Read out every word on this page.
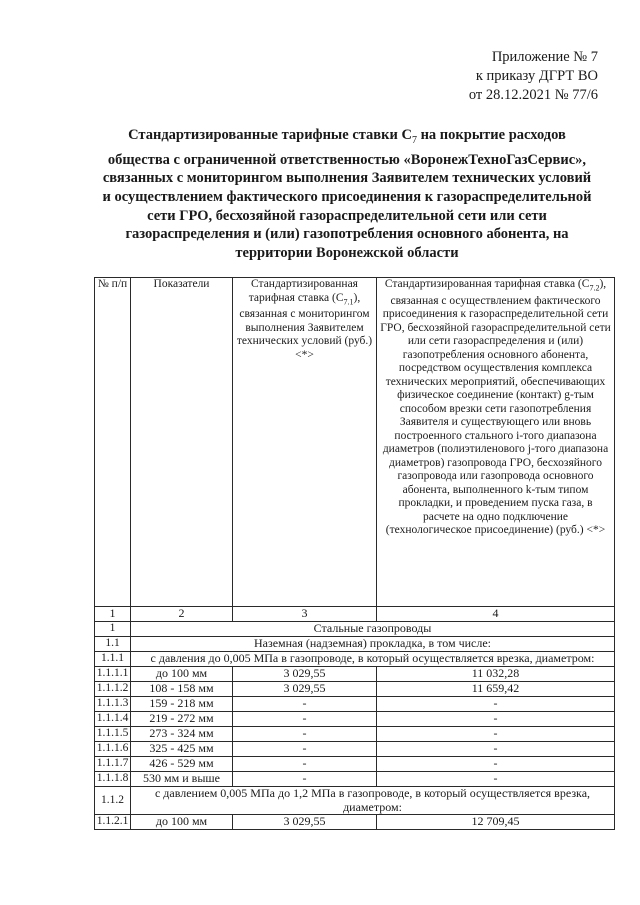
Приложение № 7
к приказу ДГРТ ВО
от 28.12.2021 № 77/6
Стандартизированные тарифные ставки $С_7$ на покрытие расходов общества с ограниченной ответственностью «ВоронежТехноГазСервис», связанных с мониторингом выполнения Заявителем технических условий и осуществлением фактического присоединения к газораспределительной сети ГРО, бесхозяйной газораспределительной сети или сети газораспределения и (или) газопотребления основного абонента, на территории Воронежской области
№ п/п	Показатели	Стандартизированная тарифная ставка $(С_{7.1})$, связанная с мониторингом выполнения Заявителем технических условий (руб.) <*>	Стандартизированная тарифная ставка $(С_{7.2})$, связанная с осуществлением фактического присоединения к газораспределительной сети ГРО, бесхозяйной газораспределительной сети или сети газораспределения и (или) газопотребления основного абонента, посредством осуществления комплекса технических мероприятий, обеспечивающих физическое соединение (контакт) g-тым способом врезки сети газопотребления Заявителя и существующего или вновь построенного стального i-того диапазона диаметров (полиэтиленового j-того диапазона диаметров) газопровода ГРО, бесхозяйного газопровода или газопровода основного абонента, выполненного k-тым типом прокладки, и проведением пуска газа, в расчете на одно подключение (технологическое присоединение) (руб.) <*>
1	2	3	4
1	Стальные газопроводы		
1.1	Наземная (надземная) прокладка, в том числе:		
1.1.1	с давления до 0,005 МПа в газопроводе, в который осуществляется врезка, диаметром:		
1.1.1.1	до 100 мм	3 029,55	11 032,28
1.1.1.2	108 - 158 мм	3 029,55	11 659,42
1.1.1.3	159 - 218 мм	-	-
1.1.1.4	219 - 272 мм	-	-
1.1.1.5	273 - 324 мм	-	-
1.1.1.6	325 - 425 мм	-	-
1.1.1.7	426 - 529 мм	-	-
1.1.1.8	530 мм и выше	-	-
1.1.2	с давлением 0,005 МПа до 1,2 МПа в газопроводе, в который осуществляется врезка, диаметром:		
1.1.2.1	до 100 мм	3 029,55	12 709,45
